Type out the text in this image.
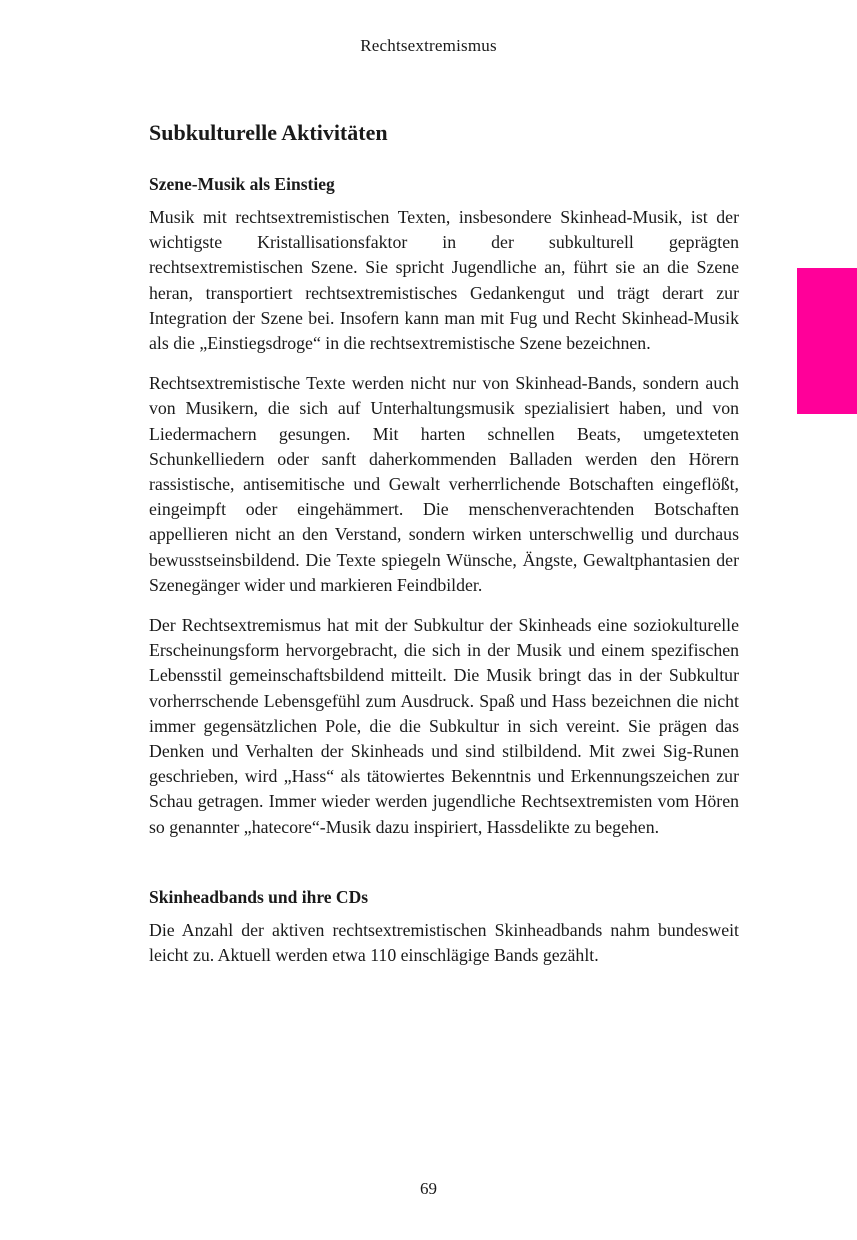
Rechtsextremismus
Subkulturelle Aktivitäten
Szene-Musik als Einstieg

Musik mit rechtsextremistischen Texten, insbesondere Skinhead-Musik, ist der wichtigste Kristallisationsfaktor in der subkulturell geprägten rechtsextremistischen Szene. Sie spricht Jugendliche an, führt sie an die Szene heran, transportiert rechtsextremistisches Gedankengut und trägt derart zur Integration der Szene bei. Insofern kann man mit Fug und Recht Skinhead-Musik als die „Einstiegsdroge“ in die rechtsextremistische Szene bezeichnen.

Rechtsextremistische Texte werden nicht nur von Skinhead-Bands, sondern auch von Musikern, die sich auf Unterhaltungsmusik spezialisiert haben, und von Liedermachern gesungen. Mit harten schnellen Beats, umgetexteten Schunkelliedern oder sanft daherkommenden Balladen werden den Hörern rassistische, antisemitische und Gewalt verherrlichende Botschaften eingeflößt, eingeimpft oder eingehämmert. Die menschenverachtenden Botschaften appellieren nicht an den Verstand, sondern wirken unterschwellig und durchaus bewusstseinsbildend. Die Texte spiegeln Wünsche, Ängste, Gewaltphantasien der Szenegänger wider und markieren Feindbilder.

Der Rechtsextremismus hat mit der Subkultur der Skinheads eine soziokulturelle Erscheinungsform hervorgebracht, die sich in der Musik und einem spezifischen Lebensstil gemeinschaftsbildend mitteilt. Die Musik bringt das in der Subkultur vorherrschende Lebensgefühl zum Ausdruck. Spaß und Hass bezeichnen die nicht immer gegensätzlichen Pole, die die Subkultur in sich vereint. Sie prägen das Denken und Verhalten der Skinheads und sind stilbildend. Mit zwei Sig-Runen geschrieben, wird „Hass“ als tätowiertes Bekenntnis und Erkennungszeichen zur Schau getragen. Immer wieder werden jugendliche Rechtsextremisten vom Hören so genannter „hatecore“-Musik dazu inspiriert, Hassdelikte zu begehen.

Skinheadbands und ihre CDs

Die Anzahl der aktiven rechtsextremistischen Skinheadbands nahm bundesweit leicht zu. Aktuell werden etwa 110 einschlägige Bands gezählt.

69
